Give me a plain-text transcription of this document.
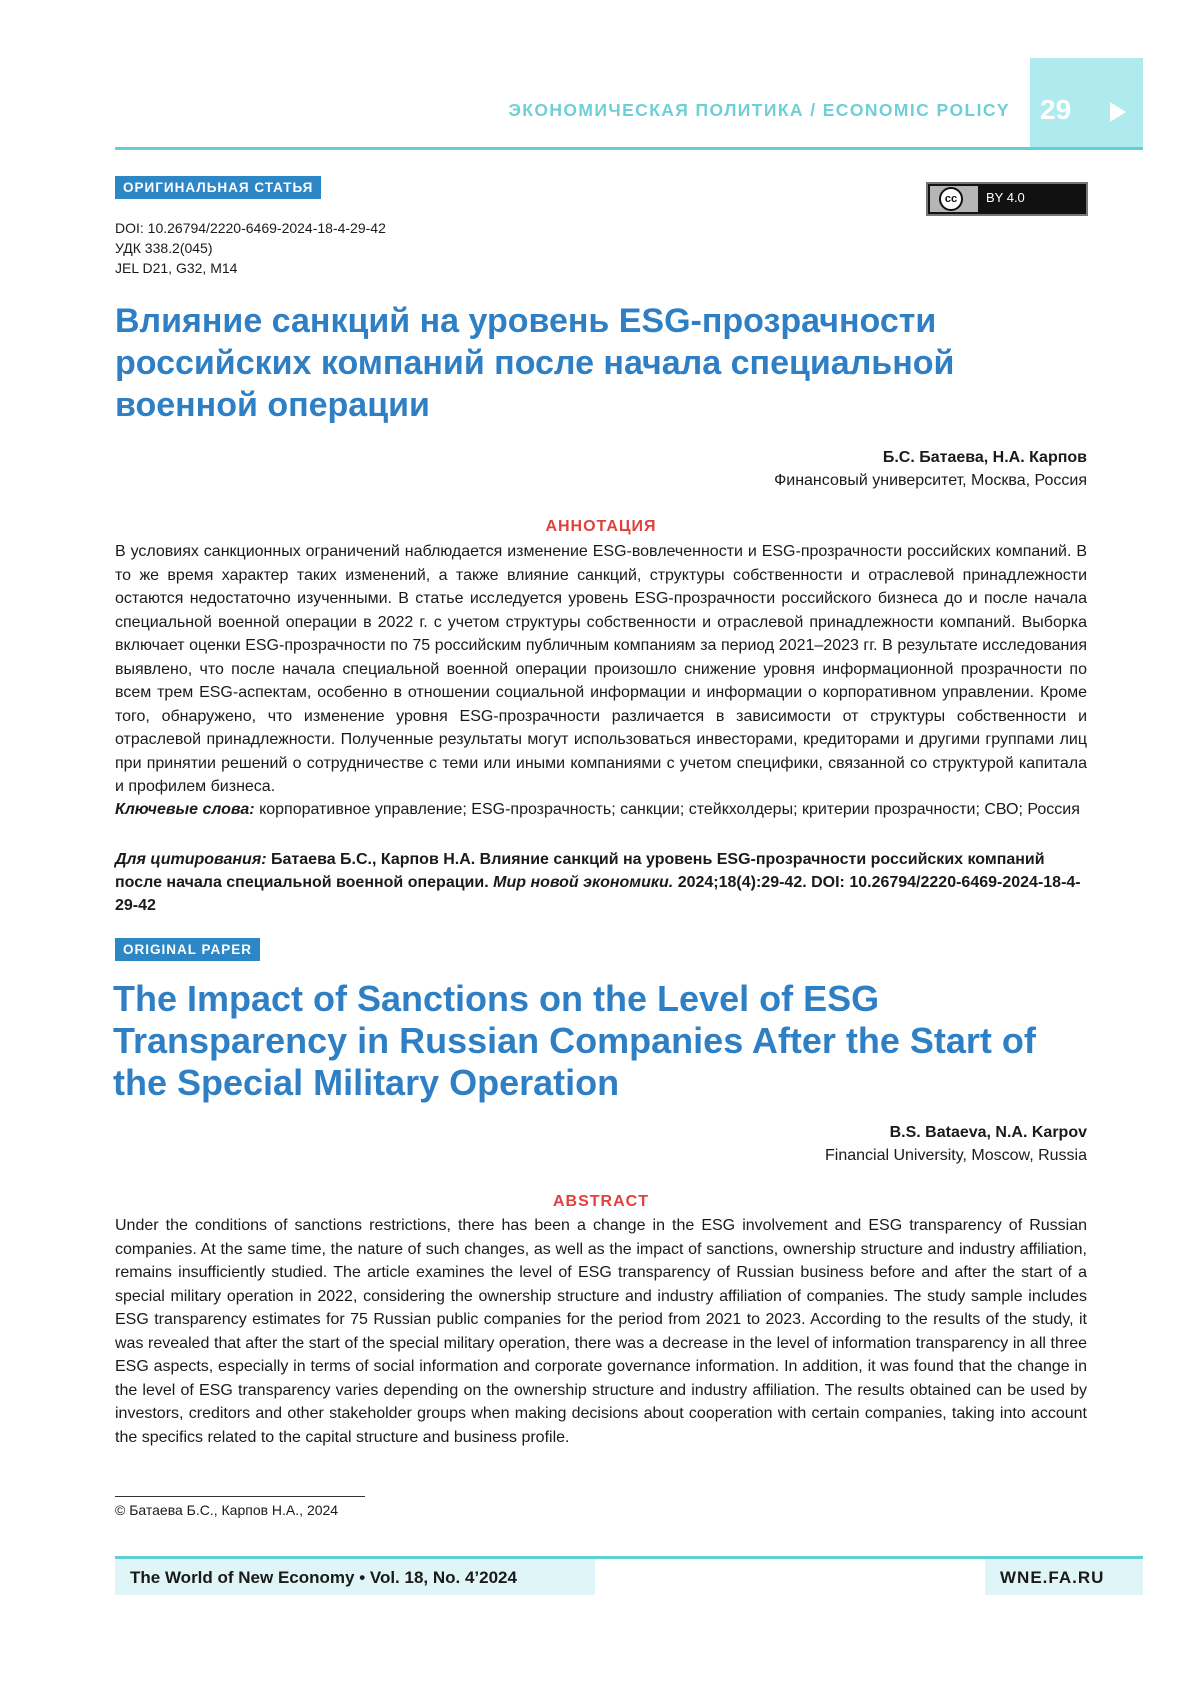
ЭКОНОМИЧЕСКАЯ ПОЛИТИКА / ECONOMIC POLICY 29
ОРИГИНАЛЬНАЯ СТАТЬЯ
cc	BY 4.0
DOI: 10.26794/2220-6469-2024-18-4-29-42
УДК 338.2(045)
JEL D21, G32, M14
Влияние санкций на уровень ESG-прозрачности российских компаний после начала специальной военной операции
Б.С. Батаева, Н.А. Карпов
Финансовый университет, Москва, Россия
АННОТАЦИЯ
В условиях санкционных ограничений наблюдается изменение ESG-вовлеченности и ESG-прозрачности российских компаний. В то же время характер таких изменений, а также влияние санкций, структуры собственности и отраслевой принадлежности остаются недостаточно изученными. В статье исследуется уровень ESG-прозрачности российского бизнеса до и после начала специальной военной операции в 2022 г. с учетом структуры собственности и отраслевой принадлежности компаний. Выборка включает оценки ESG-прозрачности по 75 российским публичным компаниям за период 2021–2023 гг. В результате исследования выявлено, что после начала специальной военной операции произошло снижение уровня информационной прозрачности по всем трем ESG-аспектам, особенно в отношении социальной информации и информации о корпоративном управлении. Кроме того, обнаружено, что изменение уровня ESG-прозрачности различается в зависимости от структуры собственности и отраслевой принадлежности. Полученные результаты могут использоваться инвесторами, кредиторами и другими группами лиц при принятии решений о сотрудничестве с теми или иными компаниями с учетом специфики, связанной со структурой капитала и профилем бизнеса.
Ключевые слова: корпоративное управление; ESG-прозрачность; санкции; стейкхолдеры; критерии прозрачности; СВО; Россия
Для цитирования: Батаева Б.С., Карпов Н.А. Влияние санкций на уровень ESG-прозрачности российских компаний после начала специальной военной операции. Мир новой экономики. 2024;18(4):29-42. DOI: 10.26794/2220-6469-2024-18-4-29-42
ORIGINAL PAPER
The Impact of Sanctions on the Level of ESG Transparency in Russian Companies After the Start of the Special Military Operation
B.S. Bataeva, N.A. Karpov
Financial University, Moscow, Russia
ABSTRACT
Under the conditions of sanctions restrictions, there has been a change in the ESG involvement and ESG transparency of Russian companies. At the same time, the nature of such changes, as well as the impact of sanctions, ownership structure and industry affiliation, remains insufficiently studied. The article examines the level of ESG transparency of Russian business before and after the start of a special military operation in 2022, considering the ownership structure and industry affiliation of companies. The study sample includes ESG transparency estimates for 75 Russian public companies for the period from 2021 to 2023. According to the results of the study, it was revealed that after the start of the special military operation, there was a decrease in the level of information transparency in all three ESG aspects, especially in terms of social information and corporate governance information. In addition, it was found that the change in the level of ESG transparency varies depending on the ownership structure and industry affiliation. The results obtained can be used by investors, creditors and other stakeholder groups when making decisions about cooperation with certain companies, taking into account the specifics related to the capital structure and business profile.
© Батаева Б.С., Карпов Н.А., 2024
The World of New Economy • Vol. 18, No. 4’2024	WNE.FA.RU
